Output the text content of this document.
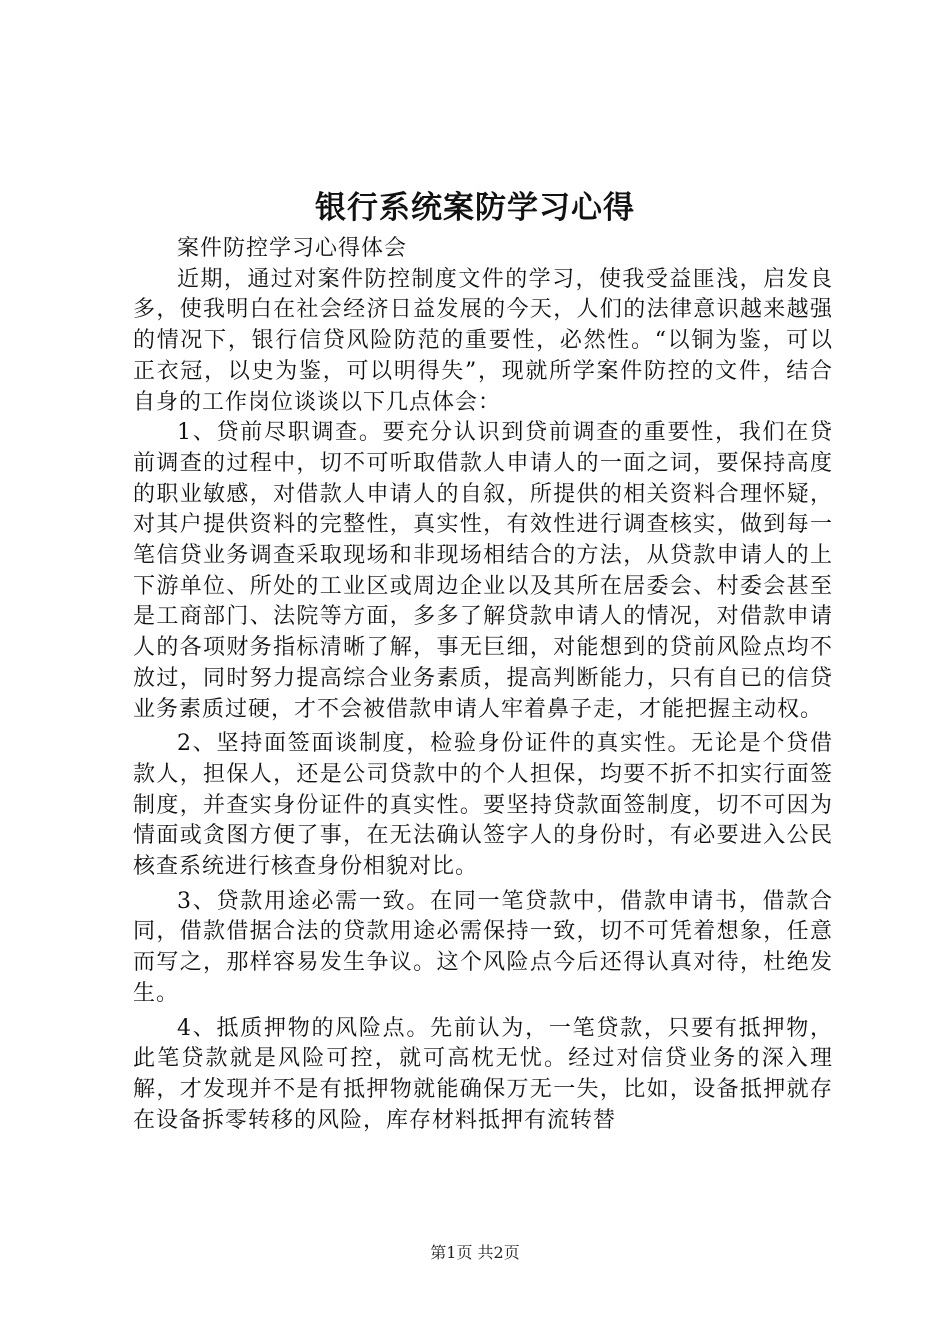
银行系统案防学习心得

案件防控学习心得体会

近期，通过对案件防控制度文件的学习，使我受益匪浅，启发良多，使我明白在社会经济日益发展的今天，人们的法律意识越来越强的情况下，银行信贷风险防范的重要性，必然性。“以铜为鉴，可以正衣冠，以史为鉴，可以明得失”，现就所学案件防控的文件，结合自身的工作岗位谈谈以下几点体会：

1、贷前尽职调查。要充分认识到贷前调查的重要性，我们在贷前调查的过程中，切不可听取借款人申请人的一面之词，要保持高度的职业敏感，对借款人申请人的自叙，所提供的相关资料合理怀疑，对其户提供资料的完整性，真实性，有效性进行调查核实，做到每一笔信贷业务调查采取现场和非现场相结合的方法，从贷款申请人的上下游单位、所处的工业区或周边企业以及其所在居委会、村委会甚至是工商部门、法院等方面，多多了解贷款申请人的情况，对借款申请人的各项财务指标清晰了解，事无巨细，对能想到的贷前风险点均不放过，同时努力提高综合业务素质，提高判断能力，只有自已的信贷业务素质过硬，才不会被借款申请人牢着鼻子走，才能把握主动权。

2、坚持面签面谈制度，检验身份证件的真实性。无论是个贷借款人，担保人，还是公司贷款中的个人担保，均要不折不扣实行面签制度，并查实身份证件的真实性。要坚持贷款面签制度，切不可因为情面或贪图方便了事，在无法确认签字人的身份时，有必要进入公民核查系统进行核查身份相貌对比。

3、贷款用途必需一致。在同一笔贷款中，借款申请书，借款合同，借款借据合法的贷款用途必需保持一致，切不可凭着想象，任意而写之，那样容易发生争议。这个风险点今后还得认真对待，杜绝发生。

4、抵质押物的风险点。先前认为，一笔贷款，只要有抵押物，此笔贷款就是风险可控，就可高枕无忧。经过对信贷业务的深入理解，才发现并不是有抵押物就能确保万无一失，比如，设备抵押就存在设备拆零转移的风险，库存材料抵押有流转替

第1页 共2页
